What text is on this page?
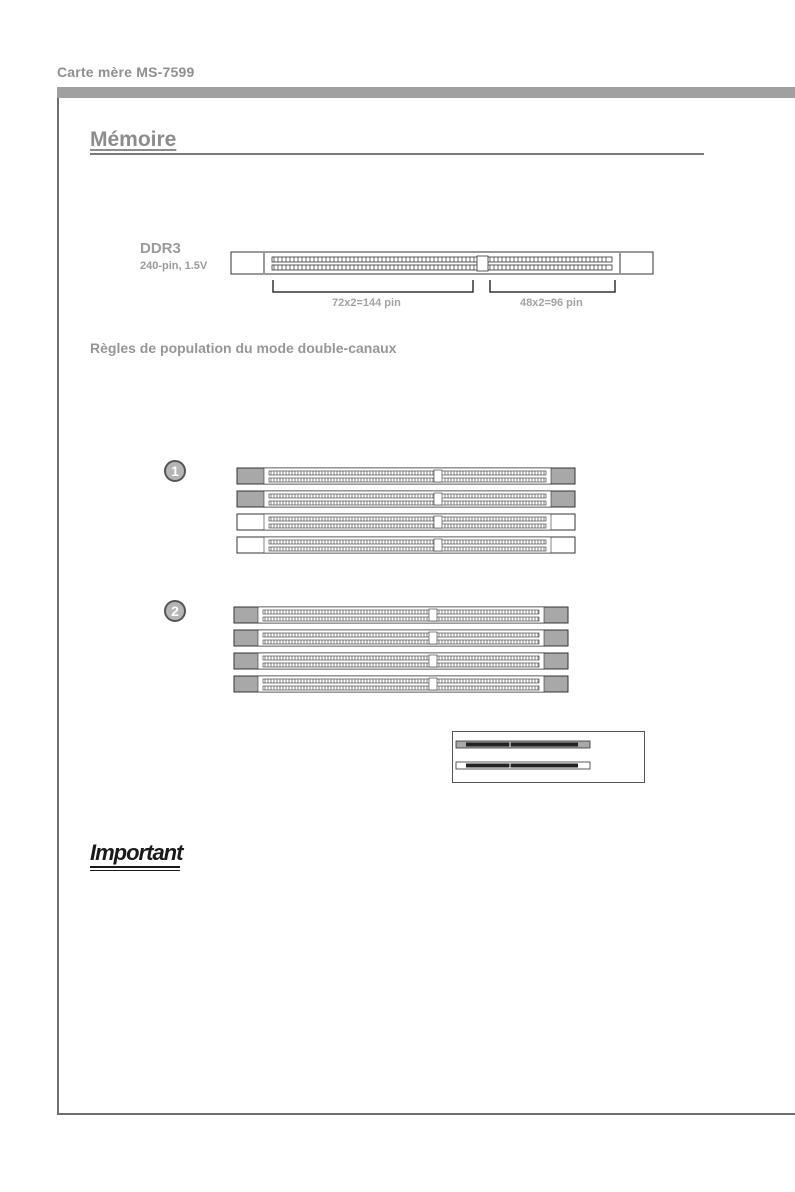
Carte mère MS-7599
Mémoire
DDR3
240-pin, 1.5V
72x2=144 pin	48x2=96 pin
Règles de population du mode double-canaux
1
2
Important
